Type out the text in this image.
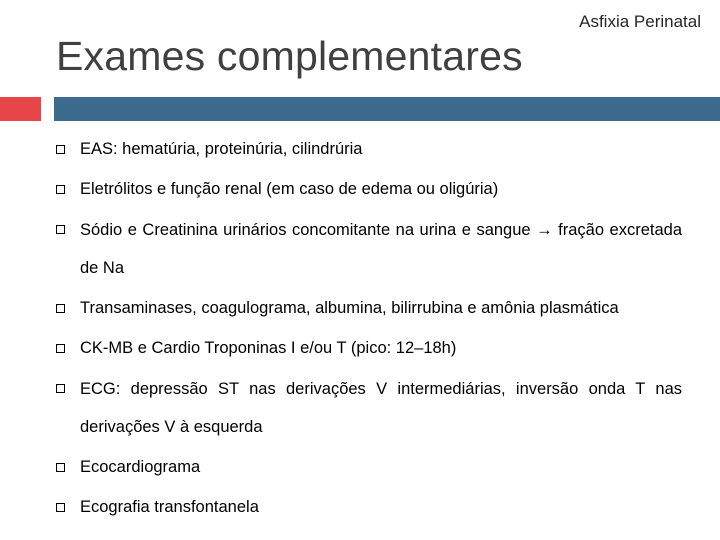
Asfixia Perinatal
Exames complementares
EAS: hematúria, proteinúria, cilindrúria
Eletrólitos e função renal (em caso de edema ou oligúria)
Sódio e Creatinina urinários concomitante na urina e sangue → fração excretada de Na
Transaminases, coagulograma, albumina, bilirrubina e amônia plasmática
CK-MB e Cardio Troponinas I e/ou T (pico: 12–18h)
ECG: depressão ST nas derivações V intermediárias, inversão onda T nas derivações V à esquerda
Ecocardiograma
Ecografia transfontanela
